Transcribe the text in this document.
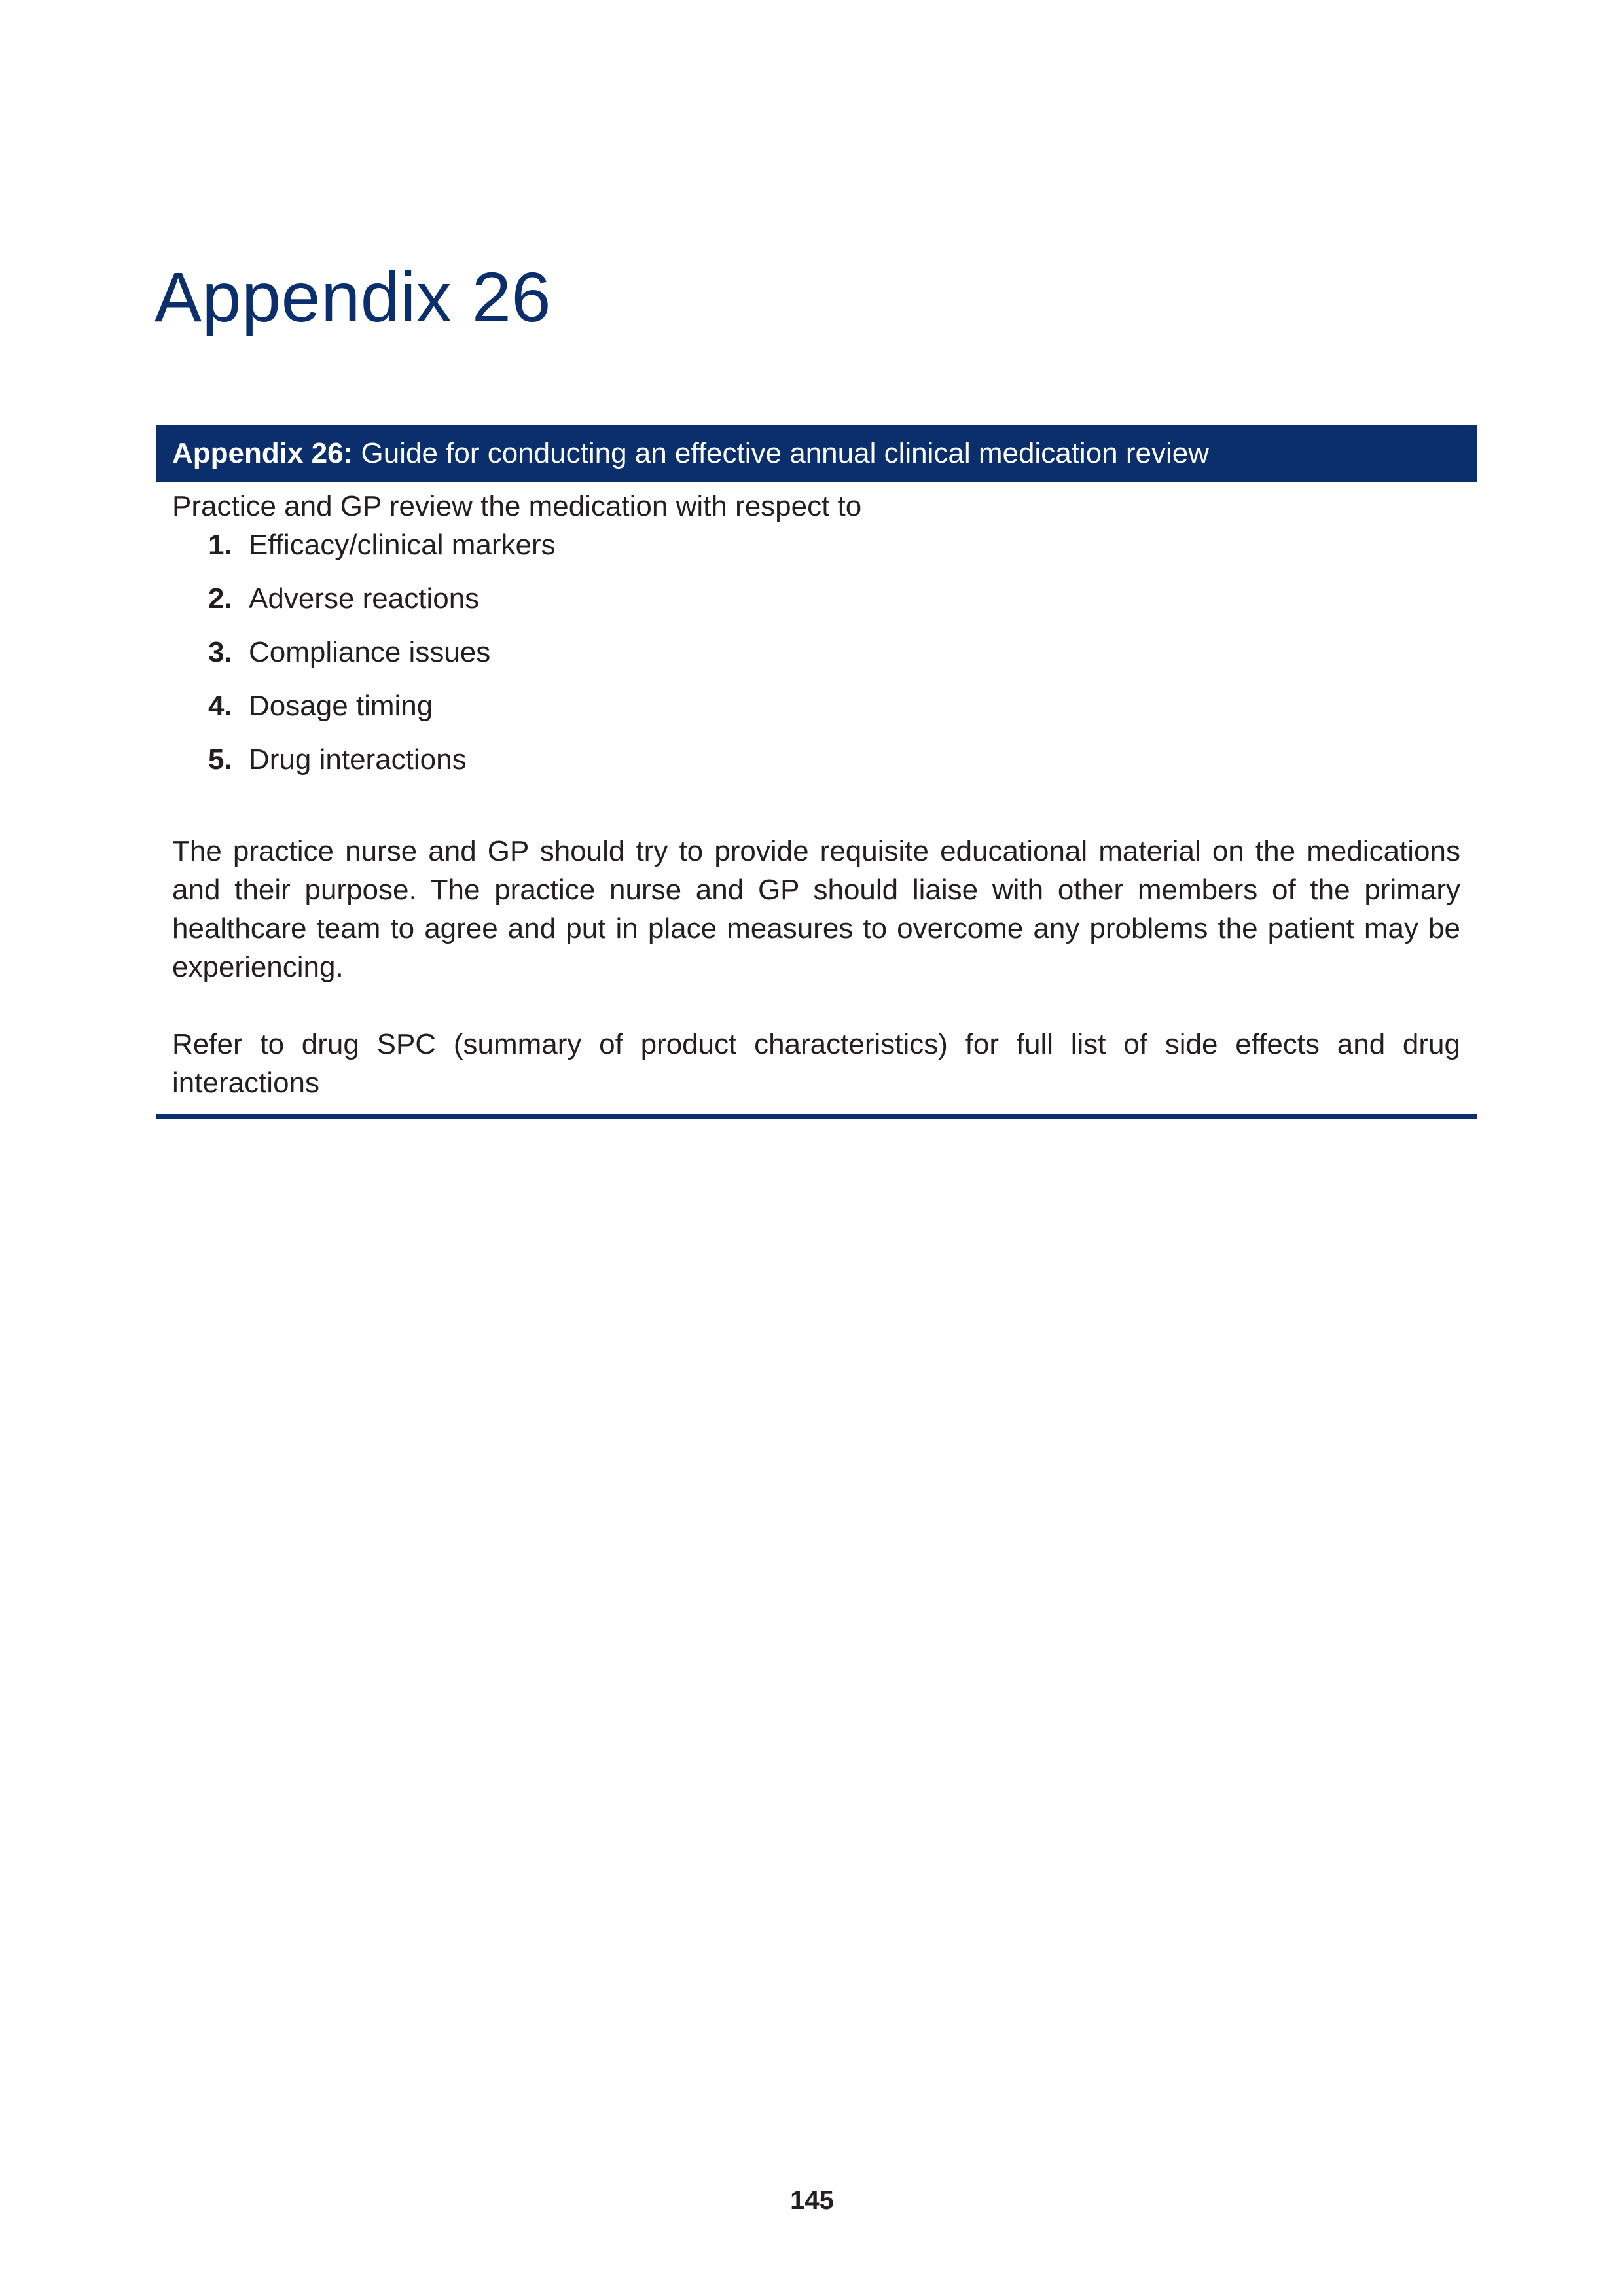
Appendix 26
Appendix 26: Guide for conducting an effective annual clinical medication review

Practice and GP review the medication with respect to

1. Efficacy/clinical markers
2. Adverse reactions
3. Compliance issues
4. Dosage timing
5. Drug interactions

The practice nurse and GP should try to provide requisite educational material on the medications and their purpose. The practice nurse and GP should liaise with other members of the primary healthcare team to agree and put in place measures to overcome any problems the patient may be experiencing.

Refer to drug SPC (summary of product characteristics) for full list of side effects and drug interactions

145
